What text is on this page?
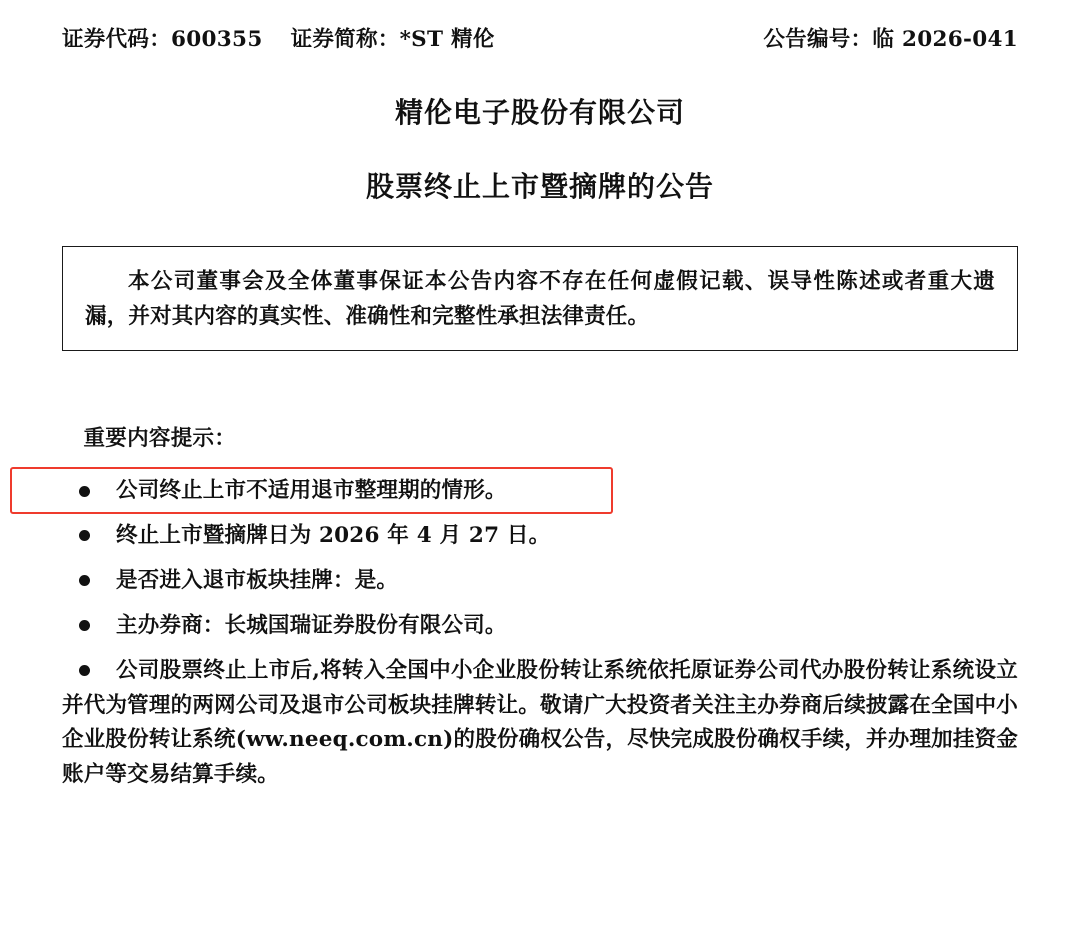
证券代码：600355 证券简称：*ST 精伦	公告编号：临 2026-041
精伦电子股份有限公司
股票终止上市暨摘牌的公告

本公司董事会及全体董事保证本公告内容不存在任何虚假记载、误导性陈述或者重大遗漏，并对其内容的真实性、准确性和完整性承担法律责任。

重要内容提示：
公司终止上市不适用退市整理期的情形。
终止上市暨摘牌日为 2026 年 4 月 27 日。
是否进入退市板块挂牌：是。
主办券商：长城国瑞证券股份有限公司。
公司股票终止上市后,将转入全国中小企业股份转让系统依托原证券公司代办股份转让系统设立并代为管理的两网公司及退市公司板块挂牌转让。敬请广大投资者关注主办券商后续披露在全国中小企业股份转让系统(ww.neeq.com.cn)的股份确权公告，尽快完成股份确权手续，并办理加挂资金账户等交易结算手续。
